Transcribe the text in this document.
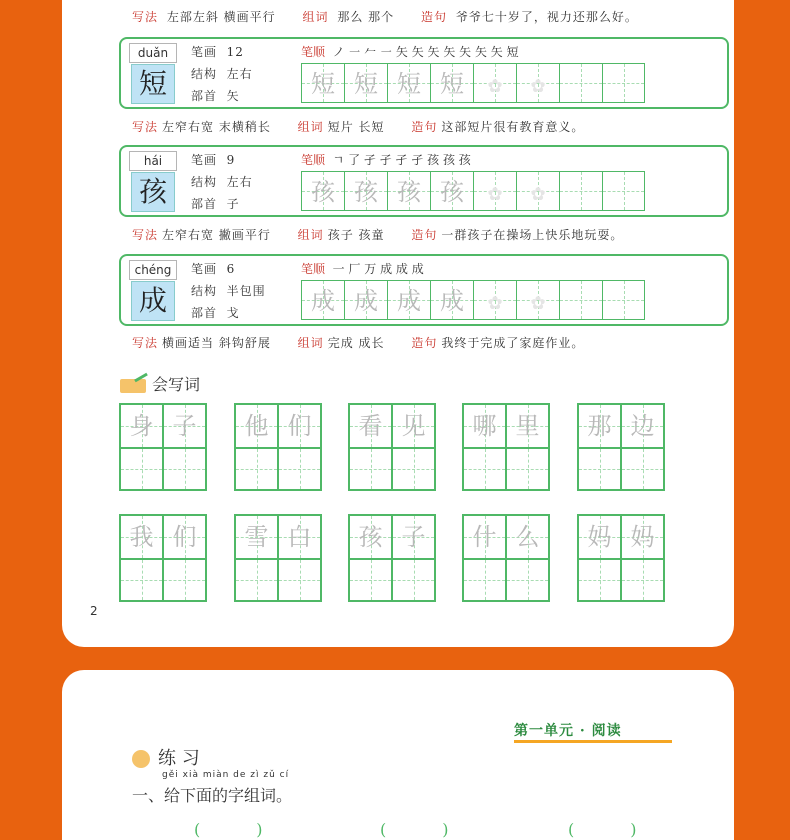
写法 左部左斜 横画平行 组词 那么 那个 造句 爷爷七十岁了，视力还那么好。
duǎn
短
笔画 12
结构 左右
部首 矢
笔顺 ノ ㇐ 𠂉 ㇐ 矢 矢 矢 矢 矢 矢 矢 短
短 短 短 短	✿	✿
写法 左窄右宽 末横稍长 组词 短片 长短 造句 这部短片很有教育意义。
hái
孩
笔画 9
结构 左右
部首 子
笔顺 ㄱ 了 孑 孑 孑 孑 孩 孩 孩
孩 孩 孩 孩	✿	✿
写法 左窄右宽 撇画平行 组词 孩子 孩童 造句 一群孩子在操场上快乐地玩耍。
chéng
成
笔画 6
结构 半包围
部首 戈
笔顺 一 厂 万 成 成 成
成 成 成 成	✿	✿
写法 横画适当 斜钩舒展 组词 完成 成长 造句 我终于完成了家庭作业。
会写词
身 子	他 们	看 见	哪 里	那 边
我 们	雪 白	孩 子	什 么	妈 妈
2
第一单元 · 阅读
练 习
gěi xià miàn de zì zǔ cí
一、给下面的字组词。
(           )	(           )	(           )
